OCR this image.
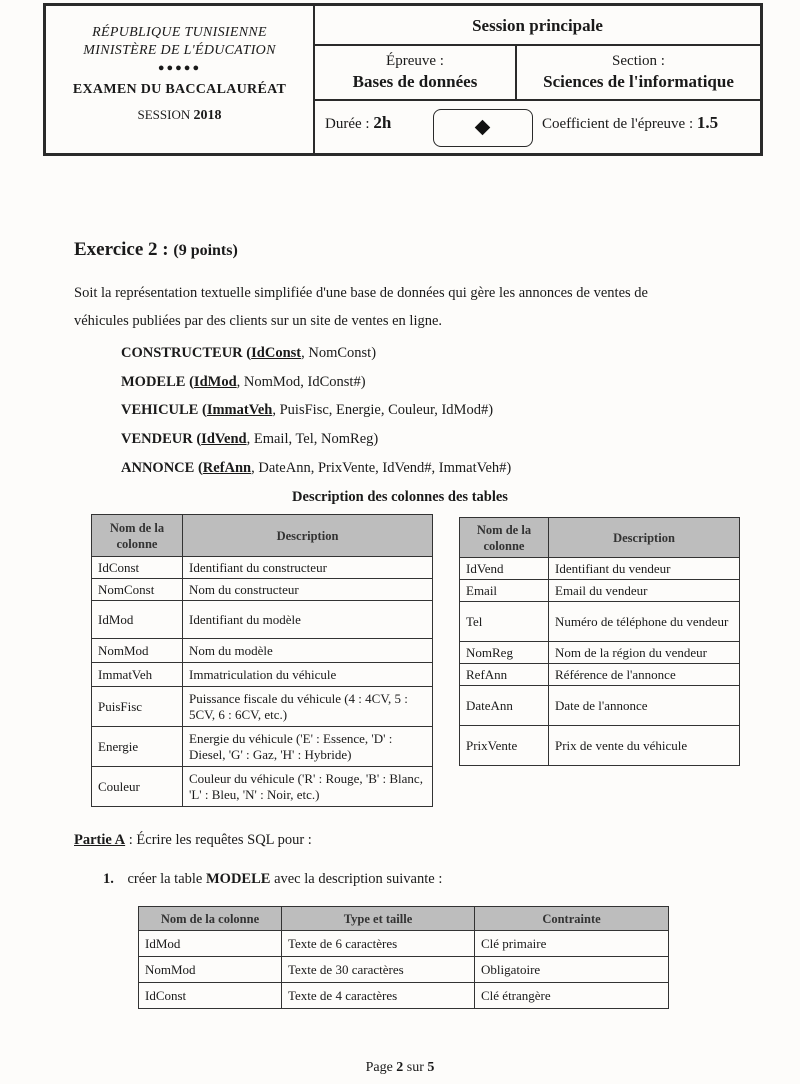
RÉPUBLIQUE TUNISIENNE
MINISTÈRE DE L'ÉDUCATION
●●●●●
EXAMEN DU BACCALAURÉAT
SESSION 2018
Session principale
Épreuve :
Bases de données
Section :
Sciences de l'informatique
Durée : 2h	Coefficient de l'épreuve : 1.5
Exercice 2 : (9 points)
Soit la représentation textuelle simplifiée d'une base de données qui gère les annonces de ventes de
véhicules publiées par des clients sur un site de ventes en ligne.
CONSTRUCTEUR (IdConst, NomConst)
MODELE (IdMod, NomMod, IdConst#)
VEHICULE (ImmatVeh, PuisFisc, Energie, Couleur, IdMod#)
VENDEUR (IdVend, Email, Tel, NomReg)
ANNONCE (RefAnn, DateAnn, PrixVente, IdVend#, ImmatVeh#)
Description des colonnes des tables
Nom de la colonne	Description
IdConst	Identifiant du constructeur
NomConst	Nom du constructeur
IdMod	Identifiant du modèle
NomMod	Nom du modèle
ImmatVeh	Immatriculation du véhicule
PuisFisc	Puissance fiscale du véhicule (4 : 4CV, 5 : 5CV, 6 : 6CV, etc.)
Energie	Energie du véhicule ('E' : Essence, 'D' : Diesel, 'G' : Gaz, 'H' : Hybride)
Couleur	Couleur du véhicule ('R' : Rouge, 'B' : Blanc, 'L' : Bleu, 'N' : Noir, etc.)
Nom de la colonne	Description
IdVend	Identifiant du vendeur
Email	Email du vendeur
Tel	Numéro de téléphone du vendeur
NomReg	Nom de la région du vendeur
RefAnn	Référence de l'annonce
DateAnn	Date de l'annonce
PrixVente	Prix de vente du véhicule
Partie A : Écrire les requêtes SQL pour :
1. créer la table MODELE avec la description suivante :
Nom de la colonne	Type et taille	Contrainte
IdMod	Texte de 6 caractères	Clé primaire
NomMod	Texte de 30 caractères	Obligatoire
IdConst	Texte de 4 caractères	Clé étrangère
Page 2 sur 5
